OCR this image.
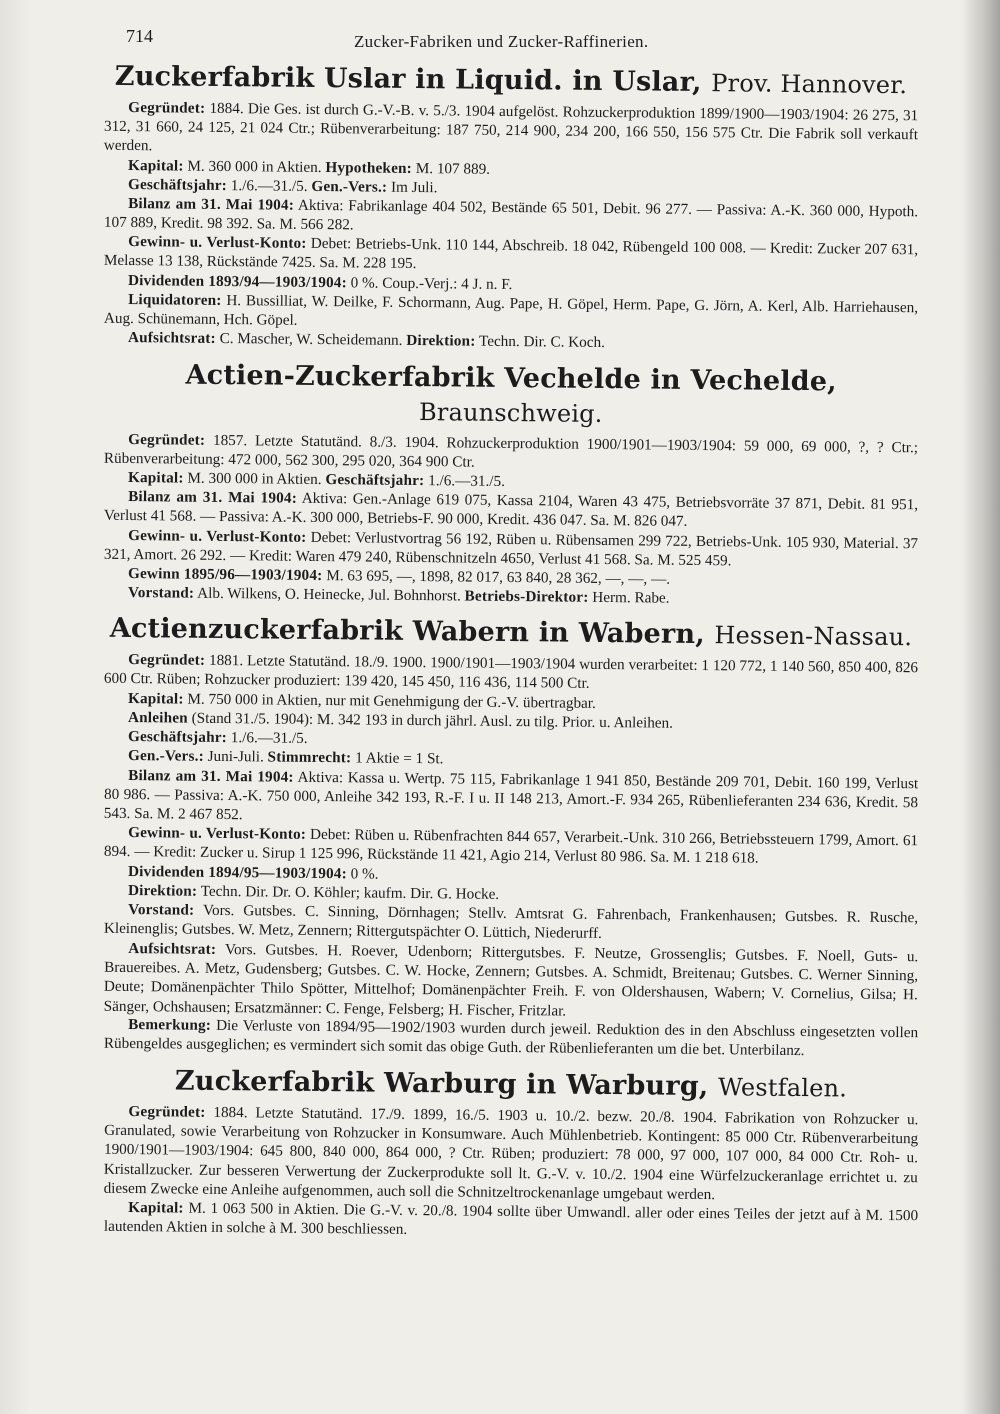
714	Zucker-Fabriken und Zucker-Raffinerien.
Zuckerfabrik Uslar in Liquid. in Uslar, Prov. Hannover.

Gegründet: 1884. Die Ges. ist durch G.-V.-B. v. 5./3. 1904 aufgelöst. Rohzuckerproduktion 1899/1900—1903/1904: 26 275, 31 312, 31 660, 24 125, 21 024 Ctr.; Rübenverarbeitung: 187 750, 214 900, 234 200, 166 550, 156 575 Ctr. Die Fabrik soll verkauft werden.

Kapital: M. 360 000 in Aktien. Hypotheken: M. 107 889.

Geschäftsjahr: 1./6.—31./5. Gen.-Vers.: Im Juli.

Bilanz am 31. Mai 1904: Aktiva: Fabrikanlage 404 502, Bestände 65 501, Debit. 96 277. — Passiva: A.-K. 360 000, Hypoth. 107 889, Kredit. 98 392. Sa. M. 566 282.

Gewinn- u. Verlust-Konto: Debet: Betriebs-Unk. 110 144, Abschreib. 18 042, Rübengeld 100 008. — Kredit: Zucker 207 631, Melasse 13 138, Rückstände 7425. Sa. M. 228 195.

Dividenden 1893/94—1903/1904: 0 %. Coup.-Verj.: 4 J. n. F.

Liquidatoren: H. Bussilliat, W. Deilke, F. Schormann, Aug. Pape, H. Göpel, Herm. Pape, G. Jörn, A. Kerl, Alb. Harriehausen, Aug. Schünemann, Hch. Göpel.

Aufsichtsrat: C. Mascher, W. Scheidemann. Direktion: Techn. Dir. C. Koch.

Actien-Zuckerfabrik Vechelde in Vechelde, Braunschweig.

Gegründet: 1857. Letzte Statutänd. 8./3. 1904. Rohzuckerproduktion 1900/1901—1903/1904: 59 000, 69 000, ?, ? Ctr.; Rübenverarbeitung: 472 000, 562 300, 295 020, 364 900 Ctr.

Kapital: M. 300 000 in Aktien. Geschäftsjahr: 1./6.—31./5.

Bilanz am 31. Mai 1904: Aktiva: Gen.-Anlage 619 075, Kassa 2104, Waren 43 475, Betriebsvorräte 37 871, Debit. 81 951, Verlust 41 568. — Passiva: A.-K. 300 000, Betriebs-F. 90 000, Kredit. 436 047. Sa. M. 826 047.

Gewinn- u. Verlust-Konto: Debet: Verlustvortrag 56 192, Rüben u. Rübensamen 299 722, Betriebs-Unk. 105 930, Material. 37 321, Amort. 26 292. — Kredit: Waren 479 240, Rübenschnitzeln 4650, Verlust 41 568. Sa. M. 525 459.

Gewinn 1895/96—1903/1904: M. 63 695, —, 1898, 82 017, 63 840, 28 362, —, —, —.

Vorstand: Alb. Wilkens, O. Heinecke, Jul. Bohnhorst. Betriebs-Direktor: Herm. Rabe.

Actienzuckerfabrik Wabern in Wabern, Hessen-Nassau.

Gegründet: 1881. Letzte Statutänd. 18./9. 1900. 1900/1901—1903/1904 wurden verarbeitet: 1 120 772, 1 140 560, 850 400, 826 600 Ctr. Rüben; Rohzucker produziert: 139 420, 145 450, 116 436, 114 500 Ctr.

Kapital: M. 750 000 in Aktien, nur mit Genehmigung der G.-V. übertragbar.

Anleihen (Stand 31./5. 1904): M. 342 193 in durch jährl. Ausl. zu tilg. Prior. u. Anleihen.

Geschäftsjahr: 1./6.—31./5.

Gen.-Vers.: Juni-Juli. Stimmrecht: 1 Aktie = 1 St.

Bilanz am 31. Mai 1904: Aktiva: Kassa u. Wertp. 75 115, Fabrikanlage 1 941 850, Bestände 209 701, Debit. 160 199, Verlust 80 986. — Passiva: A.-K. 750 000, Anleihe 342 193, R.-F. I u. II 148 213, Amort.-F. 934 265, Rübenlieferanten 234 636, Kredit. 58 543. Sa. M. 2 467 852.

Gewinn- u. Verlust-Konto: Debet: Rüben u. Rübenfrachten 844 657, Verarbeit.-Unk. 310 266, Betriebssteuern 1799, Amort. 61 894. — Kredit: Zucker u. Sirup 1 125 996, Rückstände 11 421, Agio 214, Verlust 80 986. Sa. M. 1 218 618.

Dividenden 1894/95—1903/1904: 0 %.

Direktion: Techn. Dir. Dr. O. Köhler; kaufm. Dir. G. Hocke.

Vorstand: Vors. Gutsbes. C. Sinning, Dörnhagen; Stellv. Amtsrat G. Fahrenbach, Frankenhausen; Gutsbes. R. Rusche, Kleinenglis; Gutsbes. W. Metz, Zennern; Rittergutspächter O. Lüttich, Niederurff.

Aufsichtsrat: Vors. Gutsbes. H. Roever, Udenborn; Rittergutsbes. F. Neutze, Grossenglis; Gutsbes. F. Noell, Guts- u. Brauereibes. A. Metz, Gudensberg; Gutsbes. C. W. Hocke, Zennern; Gutsbes. A. Schmidt, Breitenau; Gutsbes. C. Werner Sinning, Deute; Domänenpächter Thilo Spötter, Mittelhof; Domänenpächter Freih. F. von Oldershausen, Wabern; V. Cornelius, Gilsa; H. Sänger, Ochshausen; Ersatzmänner: C. Fenge, Felsberg; H. Fischer, Fritzlar.

Bemerkung: Die Verluste von 1894/95—1902/1903 wurden durch jeweil. Reduktion des in den Abschluss eingesetzten vollen Rübengeldes ausgeglichen; es vermindert sich somit das obige Guth. der Rübenlieferanten um die bet. Unterbilanz.

Zuckerfabrik Warburg in Warburg, Westfalen.

Gegründet: 1884. Letzte Statutänd. 17./9. 1899, 16./5. 1903 u. 10./2. bezw. 20./8. 1904. Fabrikation von Rohzucker u. Granulated, sowie Verarbeitung von Rohzucker in Konsumware. Auch Mühlenbetrieb. Kontingent: 85 000 Ctr. Rübenverarbeitung 1900/1901—1903/1904: 645 800, 840 000, 864 000, ? Ctr. Rüben; produziert: 78 000, 97 000, 107 000, 84 000 Ctr. Roh- u. Kristallzucker. Zur besseren Verwertung der Zuckerprodukte soll lt. G.-V. v. 10./2. 1904 eine Würfelzuckeranlage errichtet u. zu diesem Zwecke eine Anleihe aufgenommen, auch soll die Schnitzeltrockenanlage umgebaut werden.

Kapital: M. 1 063 500 in Aktien. Die G.-V. v. 20./8. 1904 sollte über Umwandl. aller oder eines Teiles der jetzt auf à M. 1500 lautenden Aktien in solche à M. 300 beschliessen.
